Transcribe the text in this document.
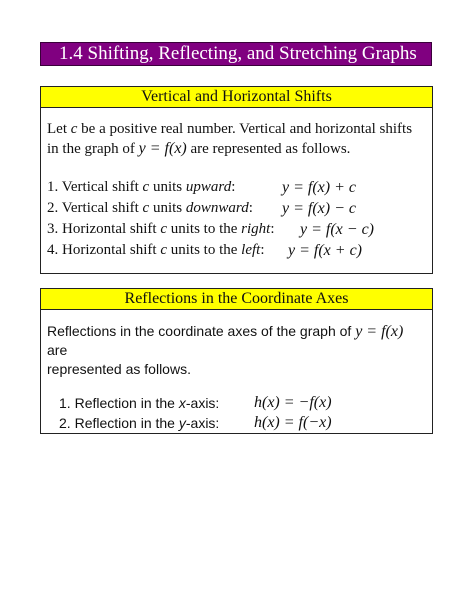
1.4 Shifting, Reflecting, and Stretching Graphs
Vertical and Horizontal Shifts
Let c be a positive real number. Vertical and horizontal shifts
in the graph of y = f(x) are represented as follows.
1. Vertical shift c units upward:	y = f(x) + c
2. Vertical shift c units downward: y = f(x) − c
3. Horizontal shift c units to the right: y = f(x − c)
4. Horizontal shift c units to the left: y = f(x + c)
Reflections in the Coordinate Axes
Reflections in the coordinate axes of the graph of y = f(x) are
represented as follows.
1. Reflection in the x-axis: h(x) = −f(x)
2. Reflection in the y-axis: h(x) = f(−x)
